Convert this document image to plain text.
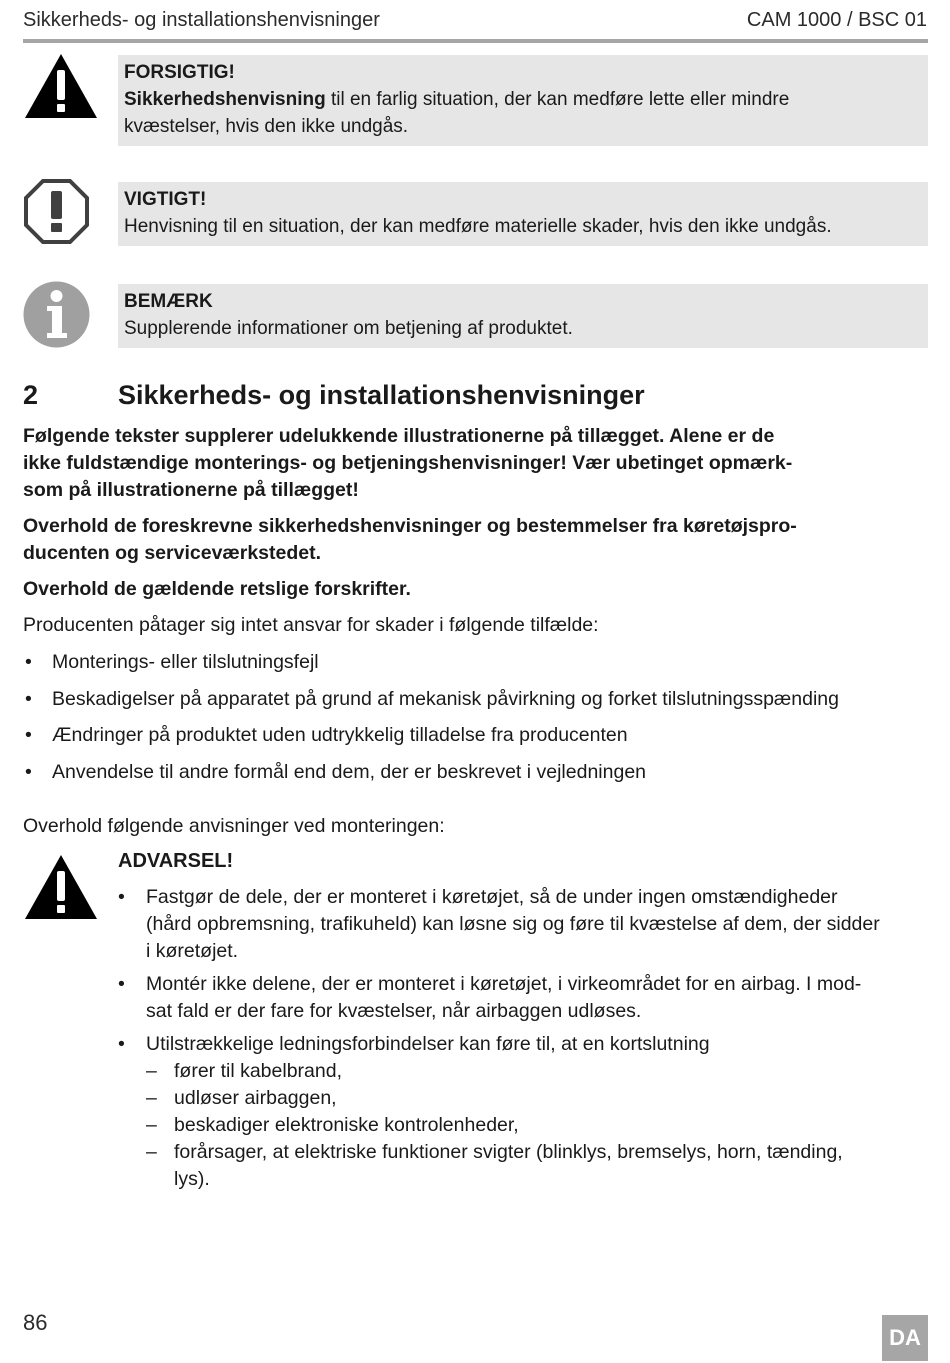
Sikkerheds- og installationshenvisninger	CAM 1000 / BSC 01
FORSIGTIG!
Sikkerhedshenvisning til en farlig situation, der kan medføre lette eller mindre
kvæstelser, hvis den ikke undgås.
VIGTIGT!
Henvisning til en situation, der kan medføre materielle skader, hvis den ikke undgås.
BEMÆRK
Supplerende informationer om betjening af produktet.
2	Sikkerheds- og installationshenvisninger
Følgende tekster supplerer udelukkende illustrationerne på tillægget. Alene er de
ikke fuldstændige monterings- og betjeningshenvisninger! Vær ubetinget opmærk-
som på illustrationerne på tillægget!
Overhold de foreskrevne sikkerhedshenvisninger og bestemmelser fra køretøjspro-
ducenten og serviceværkstedet.
Overhold de gældende retslige forskrifter.
Producenten påtager sig intet ansvar for skader i følgende tilfælde:
• Monterings- eller tilslutningsfejl
• Beskadigelser på apparatet på grund af mekanisk påvirkning og forket tilslutningsspænding
• Ændringer på produktet uden udtrykkelig tilladelse fra producenten
• Anvendelse til andre formål end dem, der er beskrevet i vejledningen
Overhold følgende anvisninger ved monteringen:
ADVARSEL!
• Fastgør de dele, der er monteret i køretøjet, så de under ingen omstændigheder
(hård opbremsning, trafikuheld) kan løsne sig og føre til kvæstelse af dem, der sidder
i køretøjet.
• Montér ikke delene, der er monteret i køretøjet, i virkeområdet for en airbag. I mod-
sat fald er der fare for kvæstelser, når airbaggen udløses.
• Utilstrækkelige ledningsforbindelser kan føre til, at en kortslutning
– fører til kabelbrand,
– udløser airbaggen,
– beskadiger elektroniske kontrolenheder,
– forårsager, at elektriske funktioner svigter (blinklys, bremselys, horn, tænding,
lys).
86
DA
